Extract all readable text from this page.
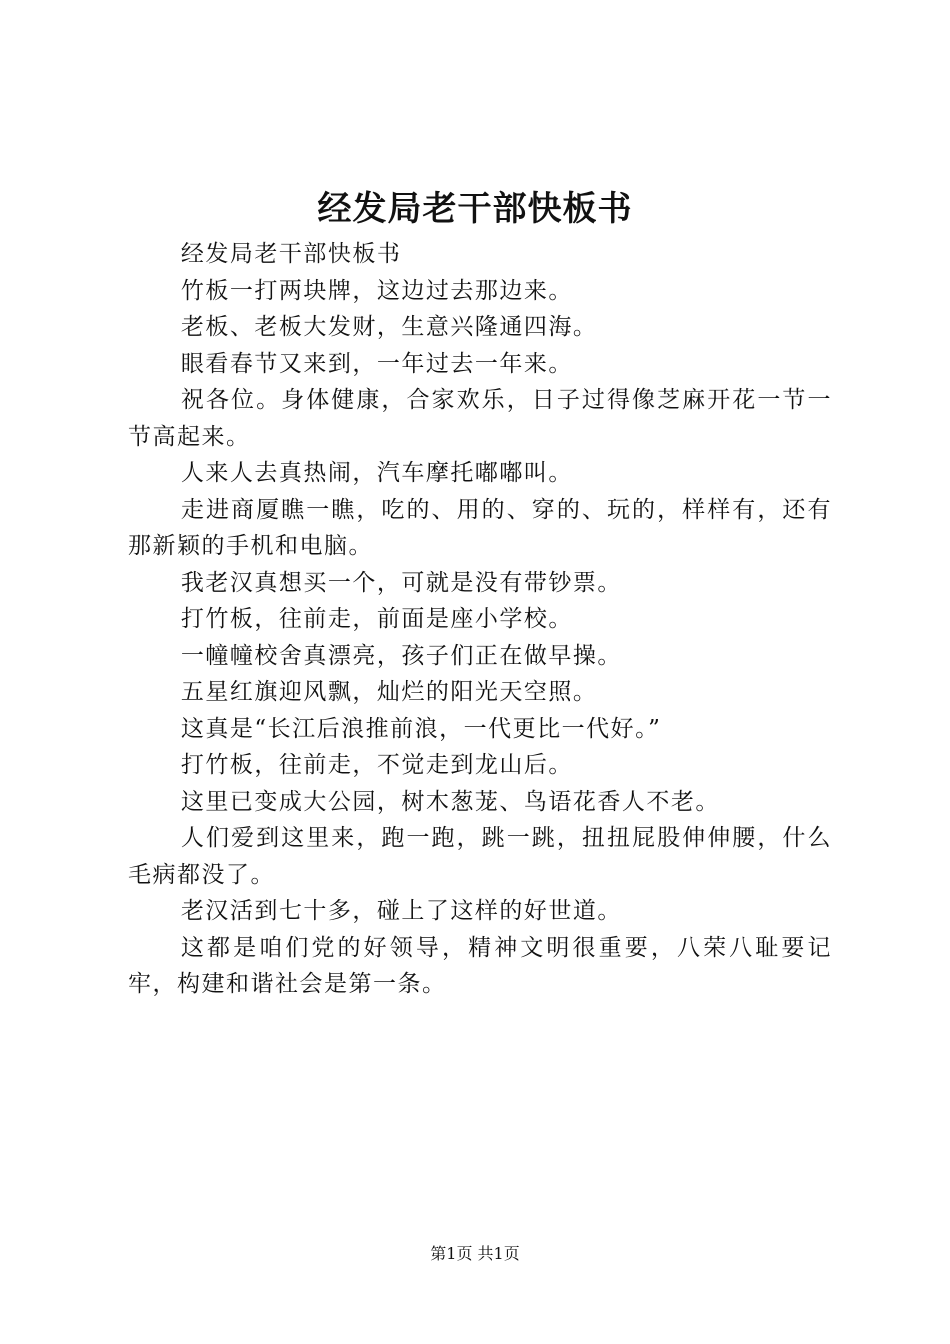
经发局老干部快板书

经发局老干部快板书

竹板一打两块牌，这边过去那边来。

老板、老板大发财，生意兴隆通四海。

眼看春节又来到，一年过去一年来。

祝各位。身体健康，合家欢乐，日子过得像芝麻开花一节一节高起来。

人来人去真热闹，汽车摩托嘟嘟叫。

走进商厦瞧一瞧，吃的、用的、穿的、玩的，样样有，还有那新颖的手机和电脑。

我老汉真想买一个，可就是没有带钞票。

打竹板，往前走，前面是座小学校。

一幢幢校舍真漂亮，孩子们正在做早操。

五星红旗迎风飘，灿烂的阳光天空照。

这真是“长江后浪推前浪，一代更比一代好。”

打竹板，往前走，不觉走到龙山后。

这里已变成大公园，树木葱茏、鸟语花香人不老。

人们爱到这里来，跑一跑，跳一跳，扭扭屁股伸伸腰，什么毛病都没了。

老汉活到七十多，碰上了这样的好世道。

这都是咱们党的好领导，精神文明很重要，八荣八耻要记牢，构建和谐社会是第一条。

第1页 共1页
